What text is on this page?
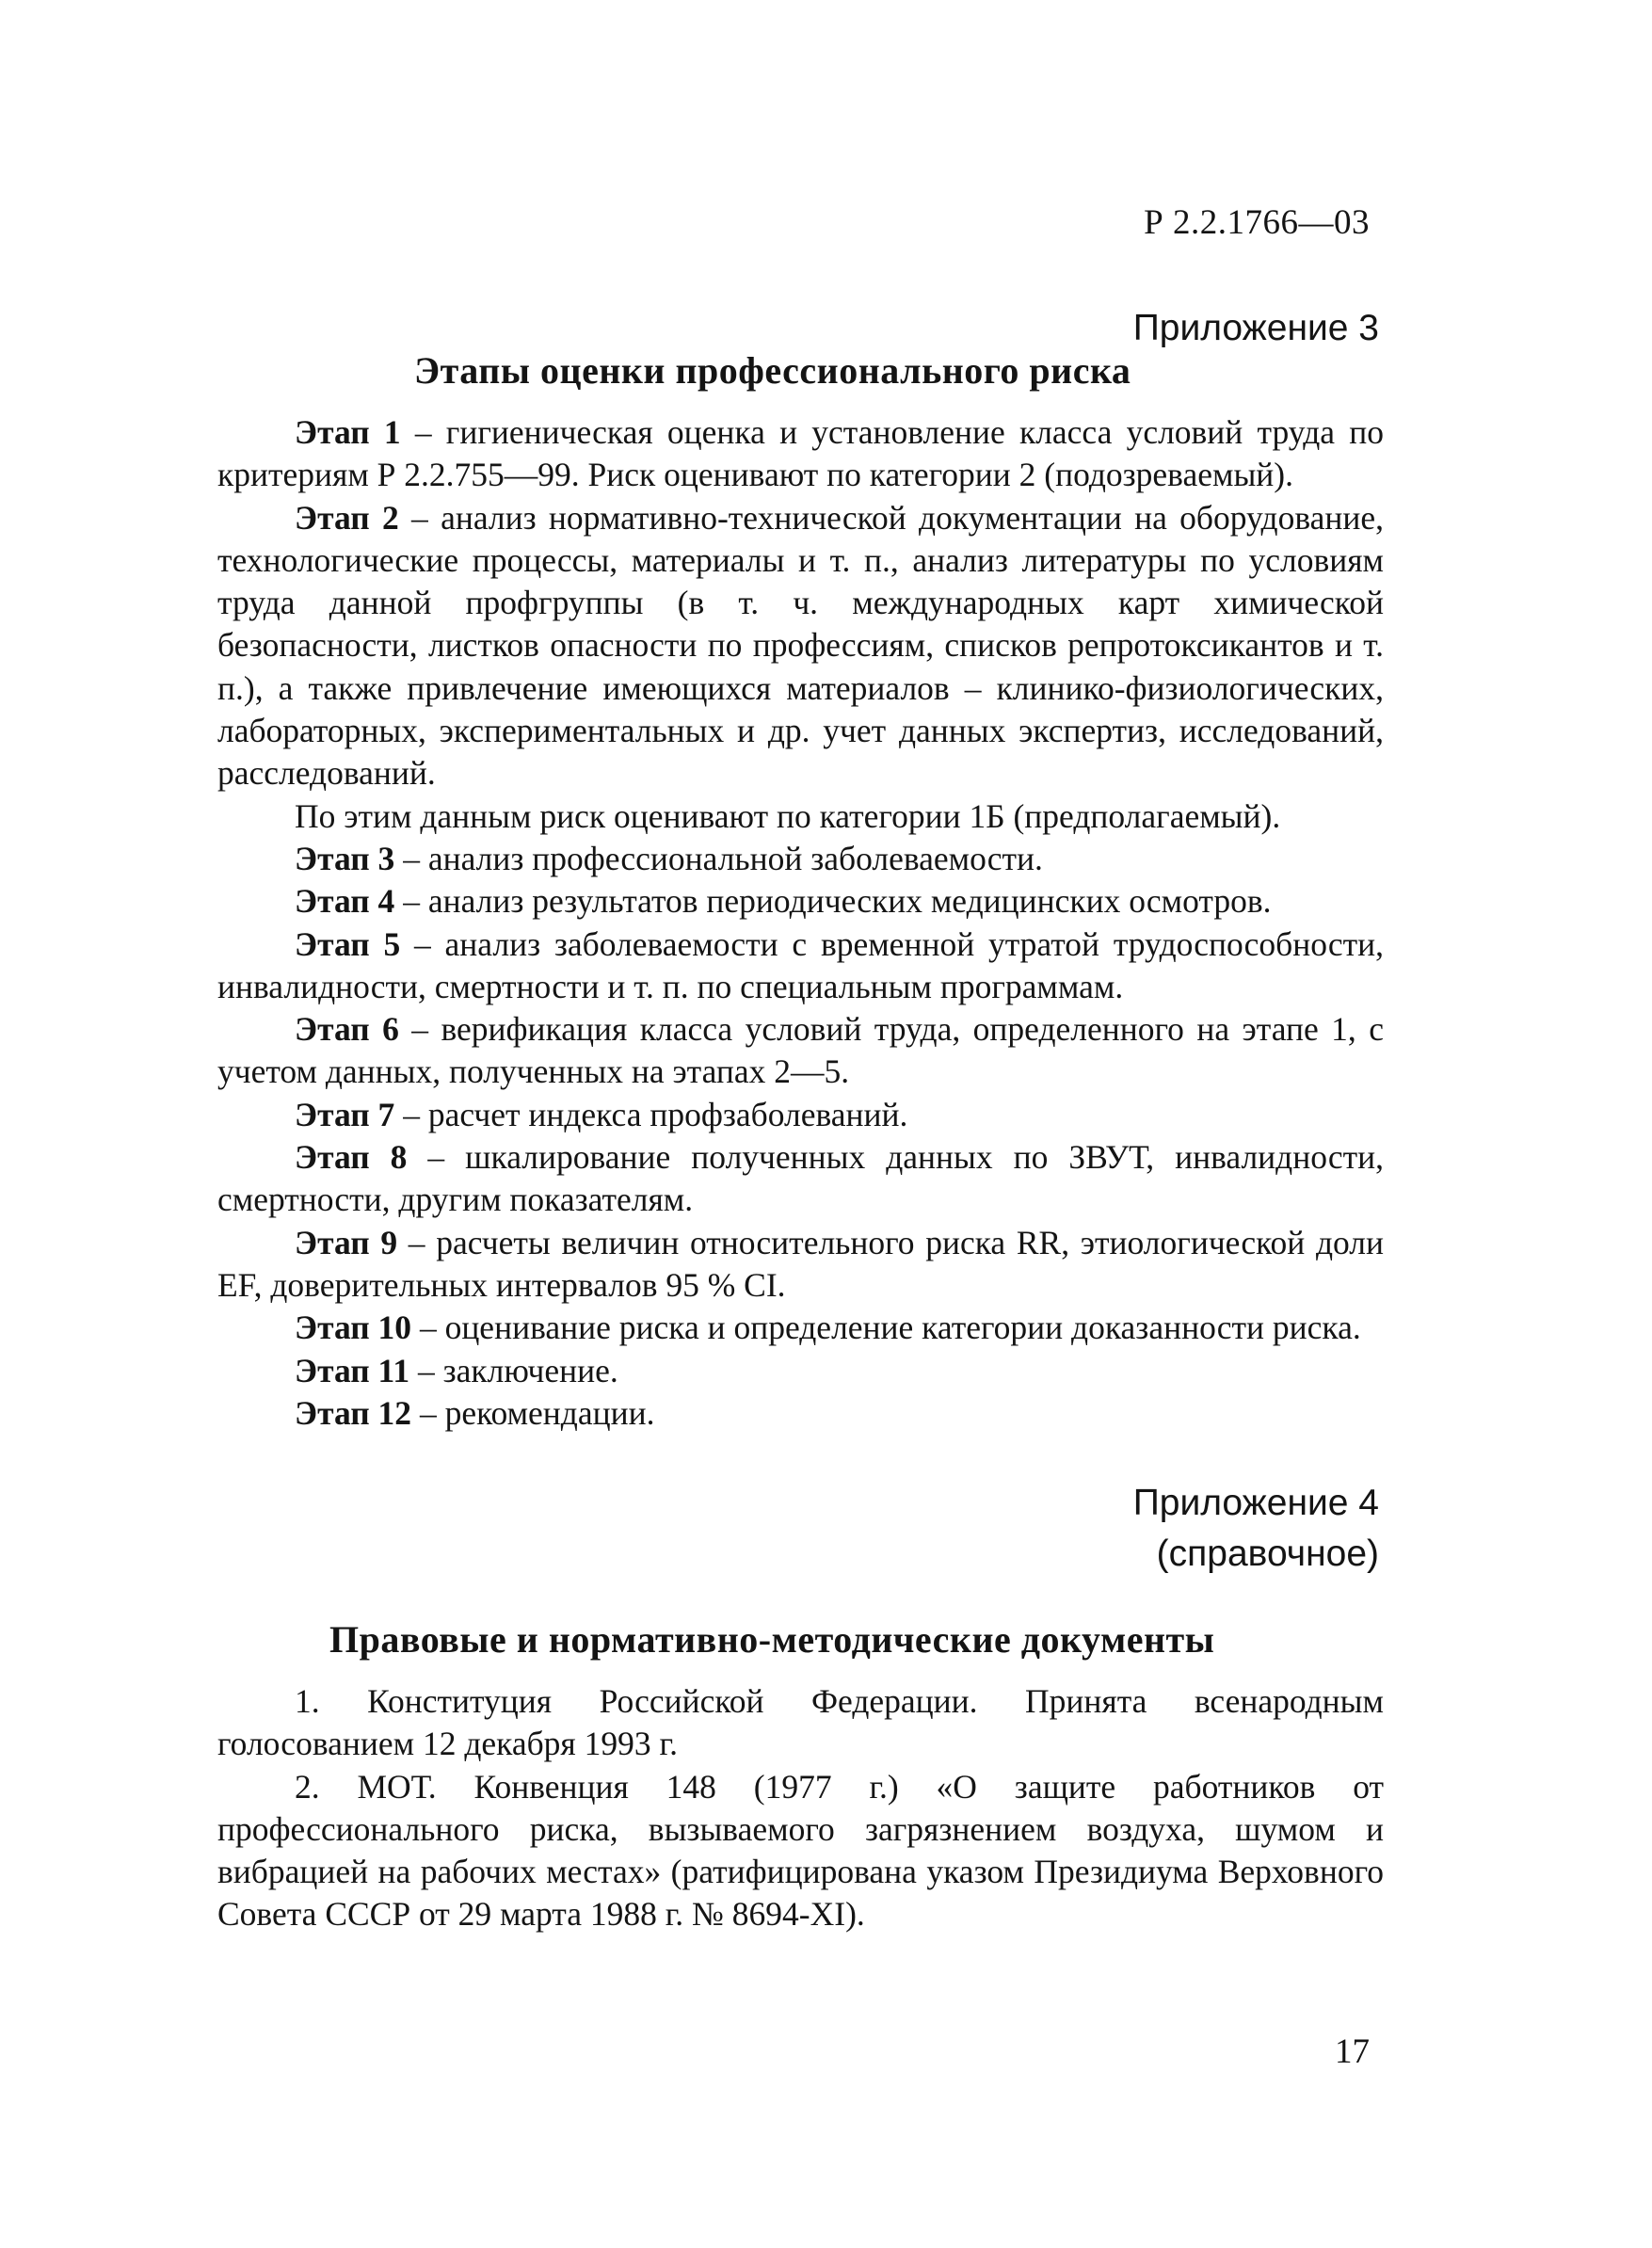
Р 2.2.1766—03
Приложение 3
Этапы оценки профессионального риска

Этап 1 – гигиеническая оценка и установление класса условий труда по критериям Р 2.2.755—99. Риск оценивают по категории 2 (подозреваемый).

Этап 2 – анализ нормативно-технической документации на оборудование, технологические процессы, материалы и т. п., анализ литературы по условиям труда данной профгруппы (в т. ч. международных карт химической безопасности, листков опасности по профессиям, списков репротоксикантов и т. п.), а также привлечение имеющихся материалов – клинико-физиологических, лабораторных, экспериментальных и др. учет данных экспертиз, исследований, расследований.

По этим данным риск оценивают по категории 1Б (предполагаемый).

Этап 3 – анализ профессиональной заболеваемости.

Этап 4 – анализ результатов периодических медицинских осмотров.

Этап 5 – анализ заболеваемости с временной утратой трудоспособности, инвалидности, смертности и т. п. по специальным программам.

Этап 6 – верификация класса условий труда, определенного на этапе 1, с учетом данных, полученных на этапах 2—5.

Этап 7 – расчет индекса профзаболеваний.

Этап 8 – шкалирование полученных данных по ЗВУТ, инвалидности, смертности, другим показателям.

Этап 9 – расчеты величин относительного риска RR, этиологической доли EF, доверительных интервалов 95 % CI.

Этап 10 – оценивание риска и определение категории доказанности риска.

Этап 11 – заключение.

Этап 12 – рекомендации.

Приложение 4
(справочное)
Правовые и нормативно-методические документы

1. Конституция Российской Федерации. Принята всенародным голосованием 12 декабря 1993 г.

2. МОТ. Конвенция 148 (1977 г.) «О защите работников от профессионального риска, вызываемого загрязнением воздуха, шумом и вибрацией на рабочих местах» (ратифицирована указом Президиума Верховного Совета СССР от 29 марта 1988 г. № 8694-XI).

17
